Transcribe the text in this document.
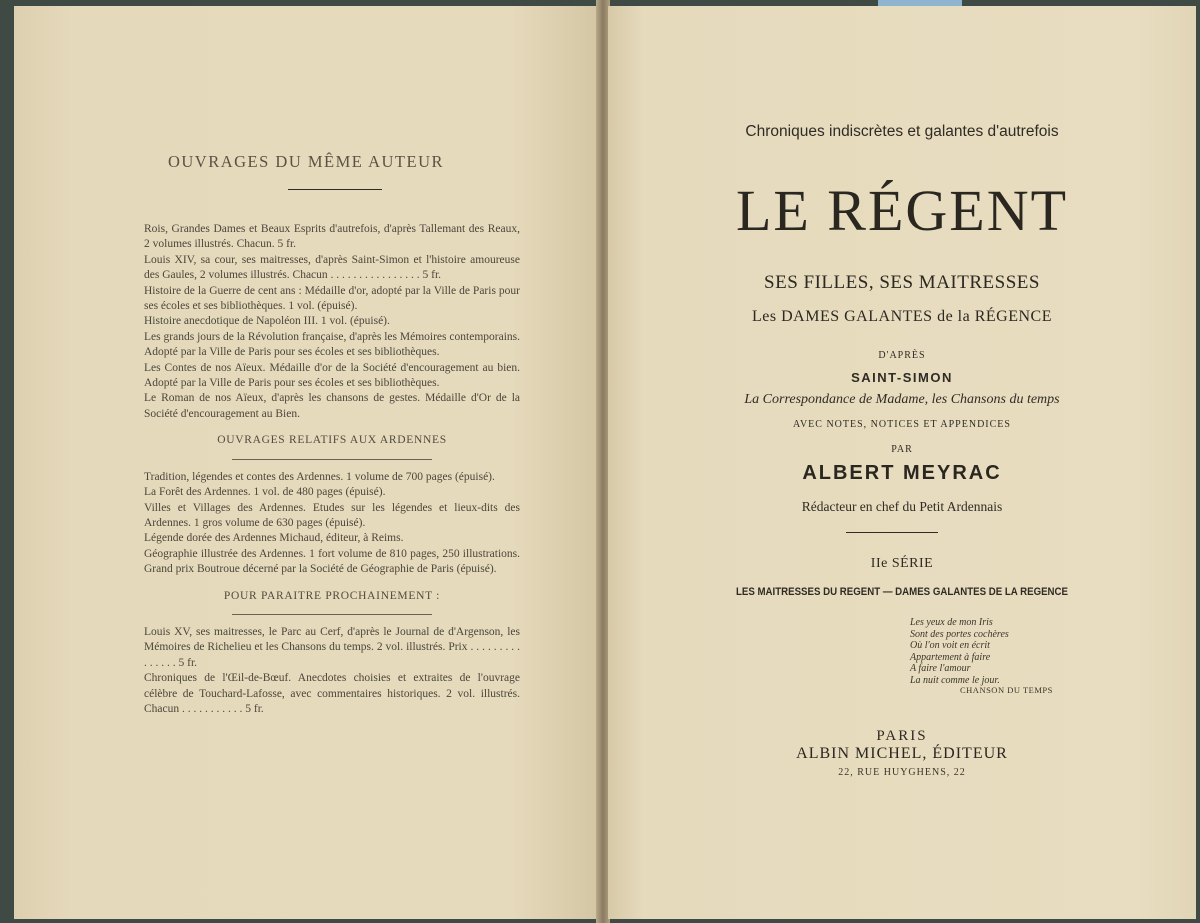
OUVRAGES DU MÊME AUTEUR

Rois, Grandes Dames et Beaux Esprits d'autrefois, d'après Tallemant des Reaux, 2 volumes illustrés. Chacun. 5 fr.

Louis XIV, sa cour, ses maitresses, d'après Saint-Simon et l'histoire amoureuse des Gaules, 2 volumes illustrés. Chacun . . . . . . . . . . . . . . . . 5 fr.

Histoire de la Guerre de cent ans : Médaille d'or, adopté par la Ville de Paris pour ses écoles et ses bibliothèques. 1 vol. (épuisé).

Histoire anecdotique de Napoléon III. 1 vol. (épuisé).

Les grands jours de la Révolution française, d'après les Mémoires contemporains. Adopté par la Ville de Paris pour ses écoles et ses bibliothèques.

Les Contes de nos Aïeux. Médaille d'or de la Société d'encouragement au bien. Adopté par la Ville de Paris pour ses écoles et ses bibliothèques.

Le Roman de nos Aïeux, d'après les chansons de gestes. Médaille d'Or de la Société d'encouragement au Bien.

OUVRAGES RELATIFS AUX ARDENNES

Tradition, légendes et contes des Ardennes. 1 volume de 700 pages (épuisé).

La Forêt des Ardennes. 1 vol. de 480 pages (épuisé).

Villes et Villages des Ardennes. Etudes sur les légendes et lieux-dits des Ardennes. 1 gros volume de 630 pages (épuisé).

Légende dorée des Ardennes Michaud, éditeur, à Reims.

Géographie illustrée des Ardennes. 1 fort volume de 810 pages, 250 illustrations. Grand prix Boutroue décerné par la Société de Géographie de Paris (épuisé).

POUR PARAITRE PROCHAINEMENT :

Louis XV, ses maitresses, le Parc au Cerf, d'après le Journal de d'Argenson, les Mémoires de Richelieu et les Chansons du temps. 2 vol. illustrés. Prix . . . . . . . . . . . . . . . 5 fr.

Chroniques de l'Œil-de-Bœuf. Anecdotes choisies et extraites de l'ouvrage célèbre de Touchard-Lafosse, avec commentaires historiques. 2 vol. illustrés. Chacun . . . . . . . . . . . 5 fr.

Chroniques indiscrètes et galantes d'autrefois
LE RÉGENT
SES FILLES, SES MAITRESSES
Les DAMES GALANTES de la RÉGENCE
D'APRÈS
SAINT-SIMON
La Correspondance de Madame, les Chansons du temps
AVEC NOTES, NOTICES ET APPENDICES
PAR
ALBERT MEYRAC
Rédacteur en chef du Petit Ardennais
IIe SÉRIE
LES MAITRESSES DU REGENT — DAMES GALANTES DE LA REGENCE
Les yeux de mon Iris
Sont des portes cochères
Où l'on voit en écrit
Appartement à faire
A faire l'amour
La nuit comme le jour.
CHANSON DU TEMPS
PARIS
ALBIN MICHEL, ÉDITEUR
22, RUE HUYGHENS, 22
